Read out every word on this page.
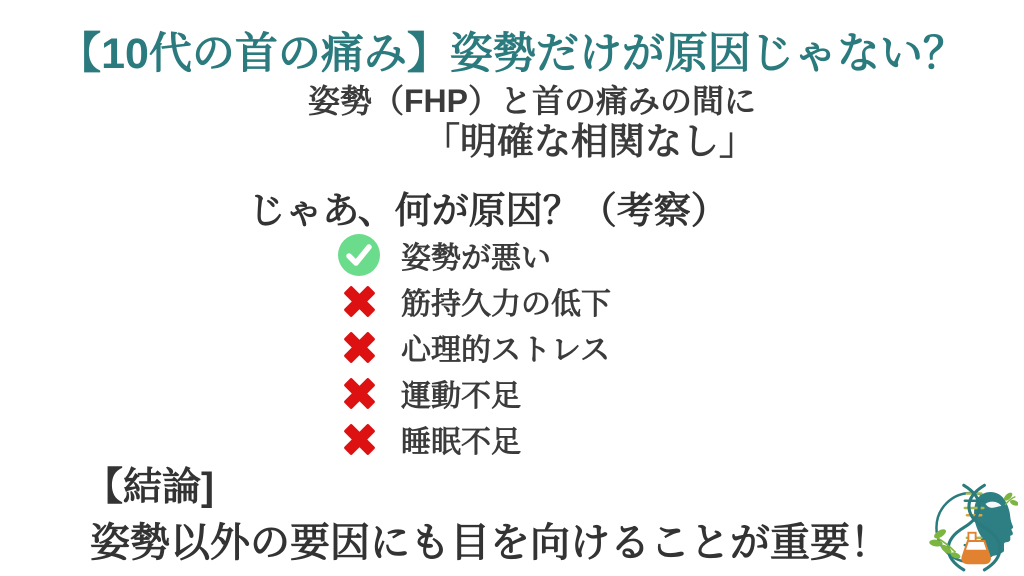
【10代の首の痛み】姿勢だけが原因じゃない？
姿勢（FHP）と首の痛みの間に
「明確な相関なし」
じゃあ、何が原因？（考察）
姿勢が悪い
筋持久力の低下
心理的ストレス
運動不足
睡眠不足
【結論]
姿勢以外の要因にも目を向けることが重要！
